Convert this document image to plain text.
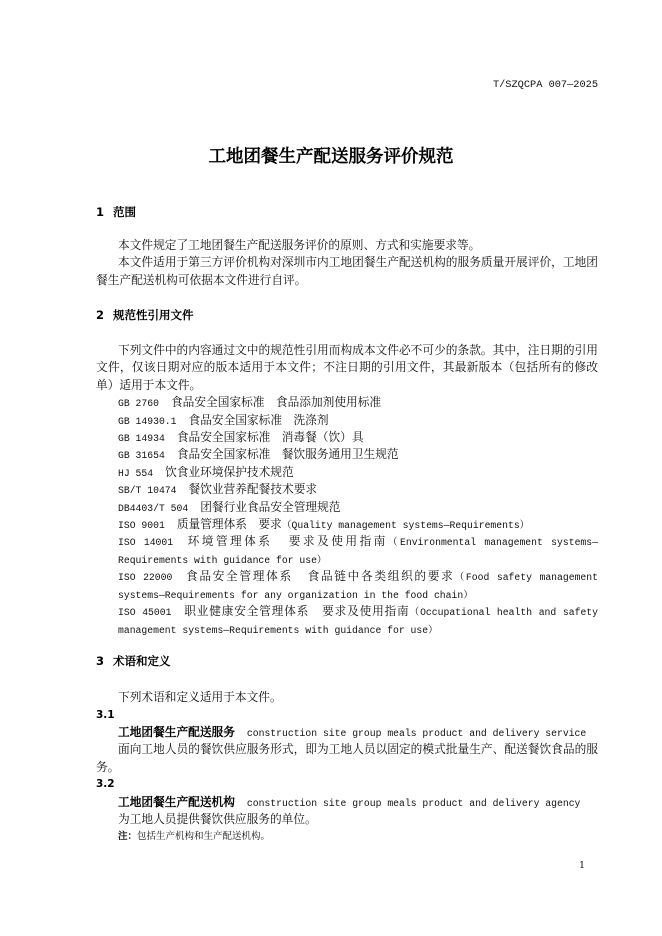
T/SZQCPA 007—2025
工地团餐生产配送服务评价规范
1 范围

本文件规定了工地团餐生产配送服务评价的原则、方式和实施要求等。

本文件适用于第三方评价机构对深圳市内工地团餐生产配送机构的服务质量开展评价，工地团餐生产配送机构可依据本文件进行自评。

2 规范性引用文件

下列文件中的内容通过文中的规范性引用而构成本文件必不可少的条款。其中，注日期的引用文件，仅该日期对应的版本适用于本文件；不注日期的引用文件，其最新版本（包括所有的修改单）适用于本文件。

GB 2760 食品安全国家标准  食品添加剂使用标准
GB 14930.1 食品安全国家标准  洗涤剂
GB 14934 食品安全国家标准  消毒餐（饮）具
GB 31654 食品安全国家标准  餐饮服务通用卫生规范
HJ 554 饮食业环境保护技术规范
SB/T 10474 餐饮业营养配餐技术要求
DB4403/T 504 团餐行业食品安全管理规范
ISO 9001 质量管理体系  要求（Quality management systems—Requirements）
ISO 14001 环境管理体系  要求及使用指南（Environmental management systems—Requirements with guidance for use）
ISO 22000 食品安全管理体系  食品链中各类组织的要求（Food safety management systems—Requirements for any organization in the food chain）
ISO 45001 职业健康安全管理体系  要求及使用指南（Occupational health and safety management systems—Requirements with guidance for use）
3 术语和定义

下列术语和定义适用于本文件。

3.1

工地团餐生产配送服务 construction site group meals product and delivery service

面向工地人员的餐饮供应服务形式，即为工地人员以固定的模式批量生产、配送餐饮食品的服务。

3.2

工地团餐生产配送机构 construction site group meals product and delivery agency

为工地人员提供餐饮供应服务的单位。

注：包括生产机构和生产配送机构。

1
